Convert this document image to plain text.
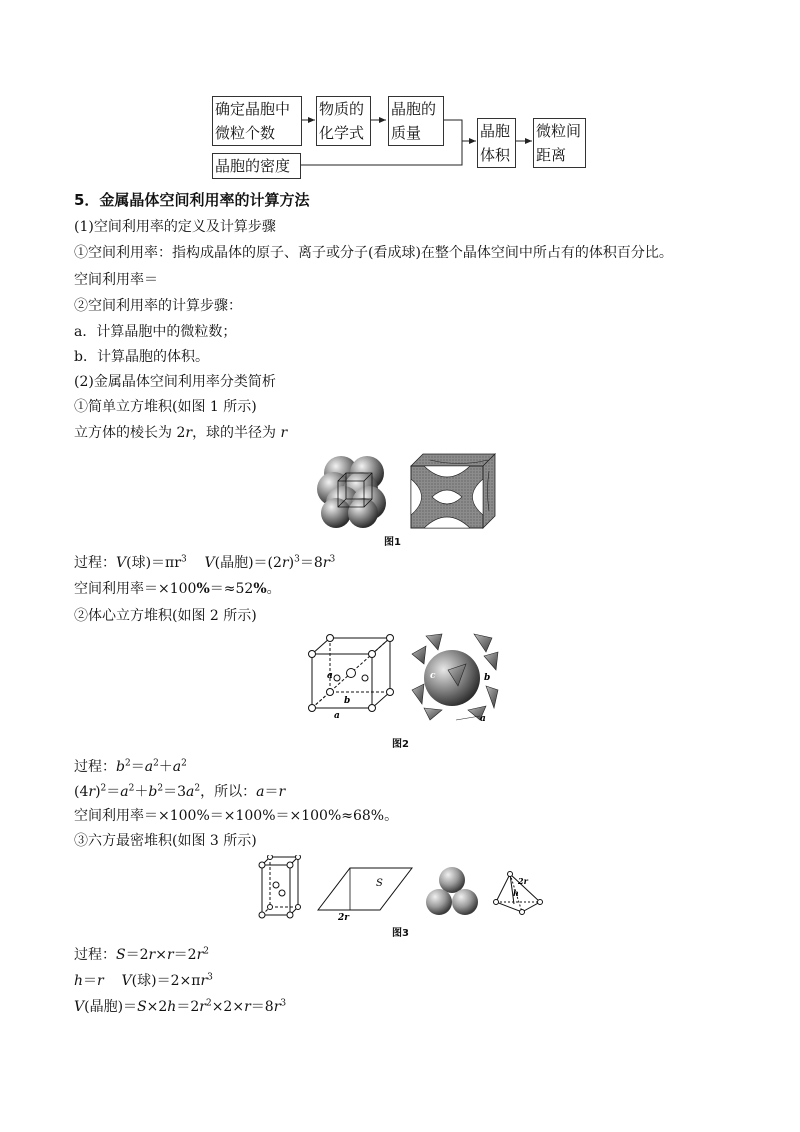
确定晶胞中
微粒个数
物质的
化学式
晶胞的
质量
晶胞的密度
晶胞
体积
微粒间
距离
5．金属晶体空间利用率的计算方法
(1)空间利用率的定义及计算步骤
①空间利用率：指构成晶体的原子、离子或分子(看成球)在整个晶体空间中所占有的体积百分比。
空间利用率＝
②空间利用率的计算步骤：
a．计算晶胞中的微粒数；
b．计算晶胞的体积。
(2)金属晶体空间利用率分类简析
①简单立方堆积(如图 1 所示)
立方体的棱长为 2r，球的半径为 r
图1
过程：V(球)$=\pi r^3$ V(晶胞)$=(2r)^3=8r^3$
空间利用率＝×100%＝≈52%。
②体心立方堆积(如图 2 所示)
a
b
a
c	b
a
图2
过程：$b^2=a^2+a^2$
$(4r)^2=a^2+b^2=3a^2$，所以：a＝r
空间利用率＝×100%＝×100%＝×100%≈68%。
③六方最密堆积(如图 3 所示)
S
2r
2r
h
图3
过程：$S=2r\times r=2r^2$
h＝r V(球)$=2\times\pi r^3$
V(晶胞)$=S\times 2h=2r^2\times 2\times r=8r^3$
